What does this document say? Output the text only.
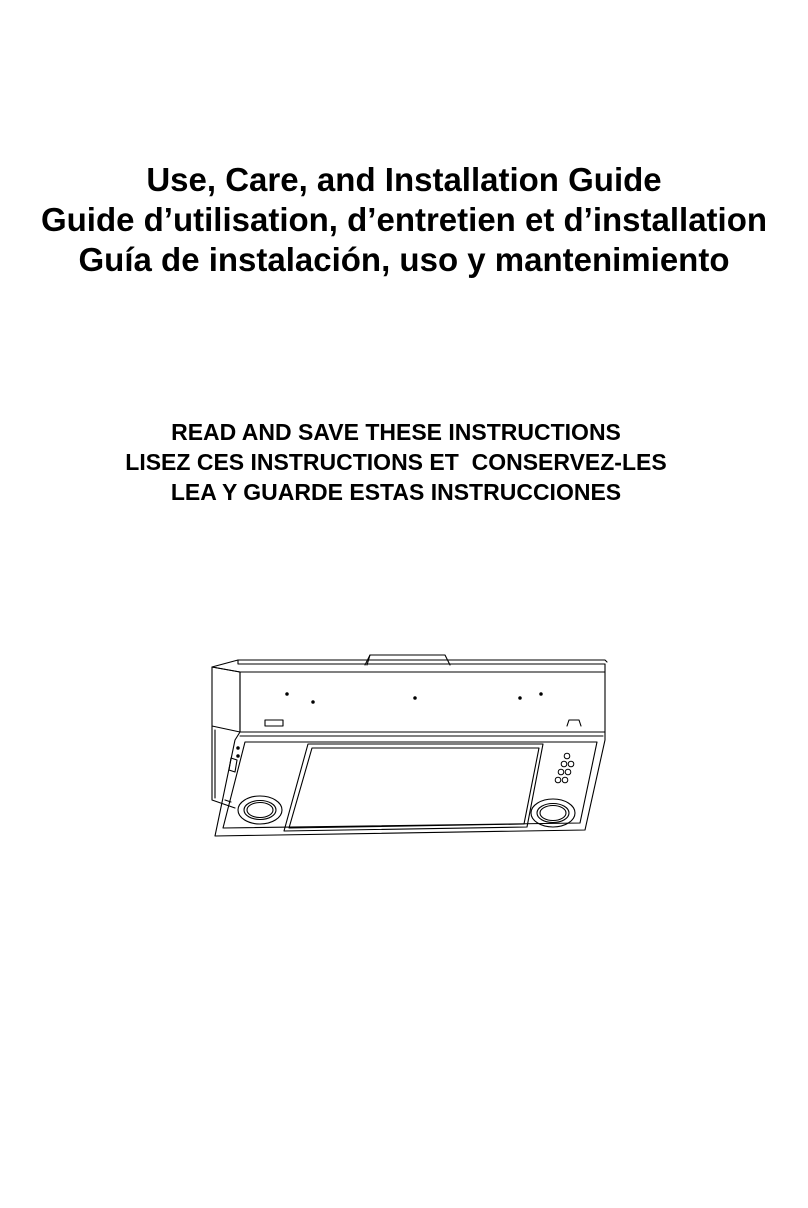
Use, Care, and Installation Guide
Guide d’utilisation, d’entretien et d’installation
Guía de instalación, uso y mantenimiento
READ AND SAVE THESE INSTRUCTIONS
LISEZ CES INSTRUCTIONS ET  CONSERVEZ-LES
LEA Y GUARDE ESTAS INSTRUCCIONES
